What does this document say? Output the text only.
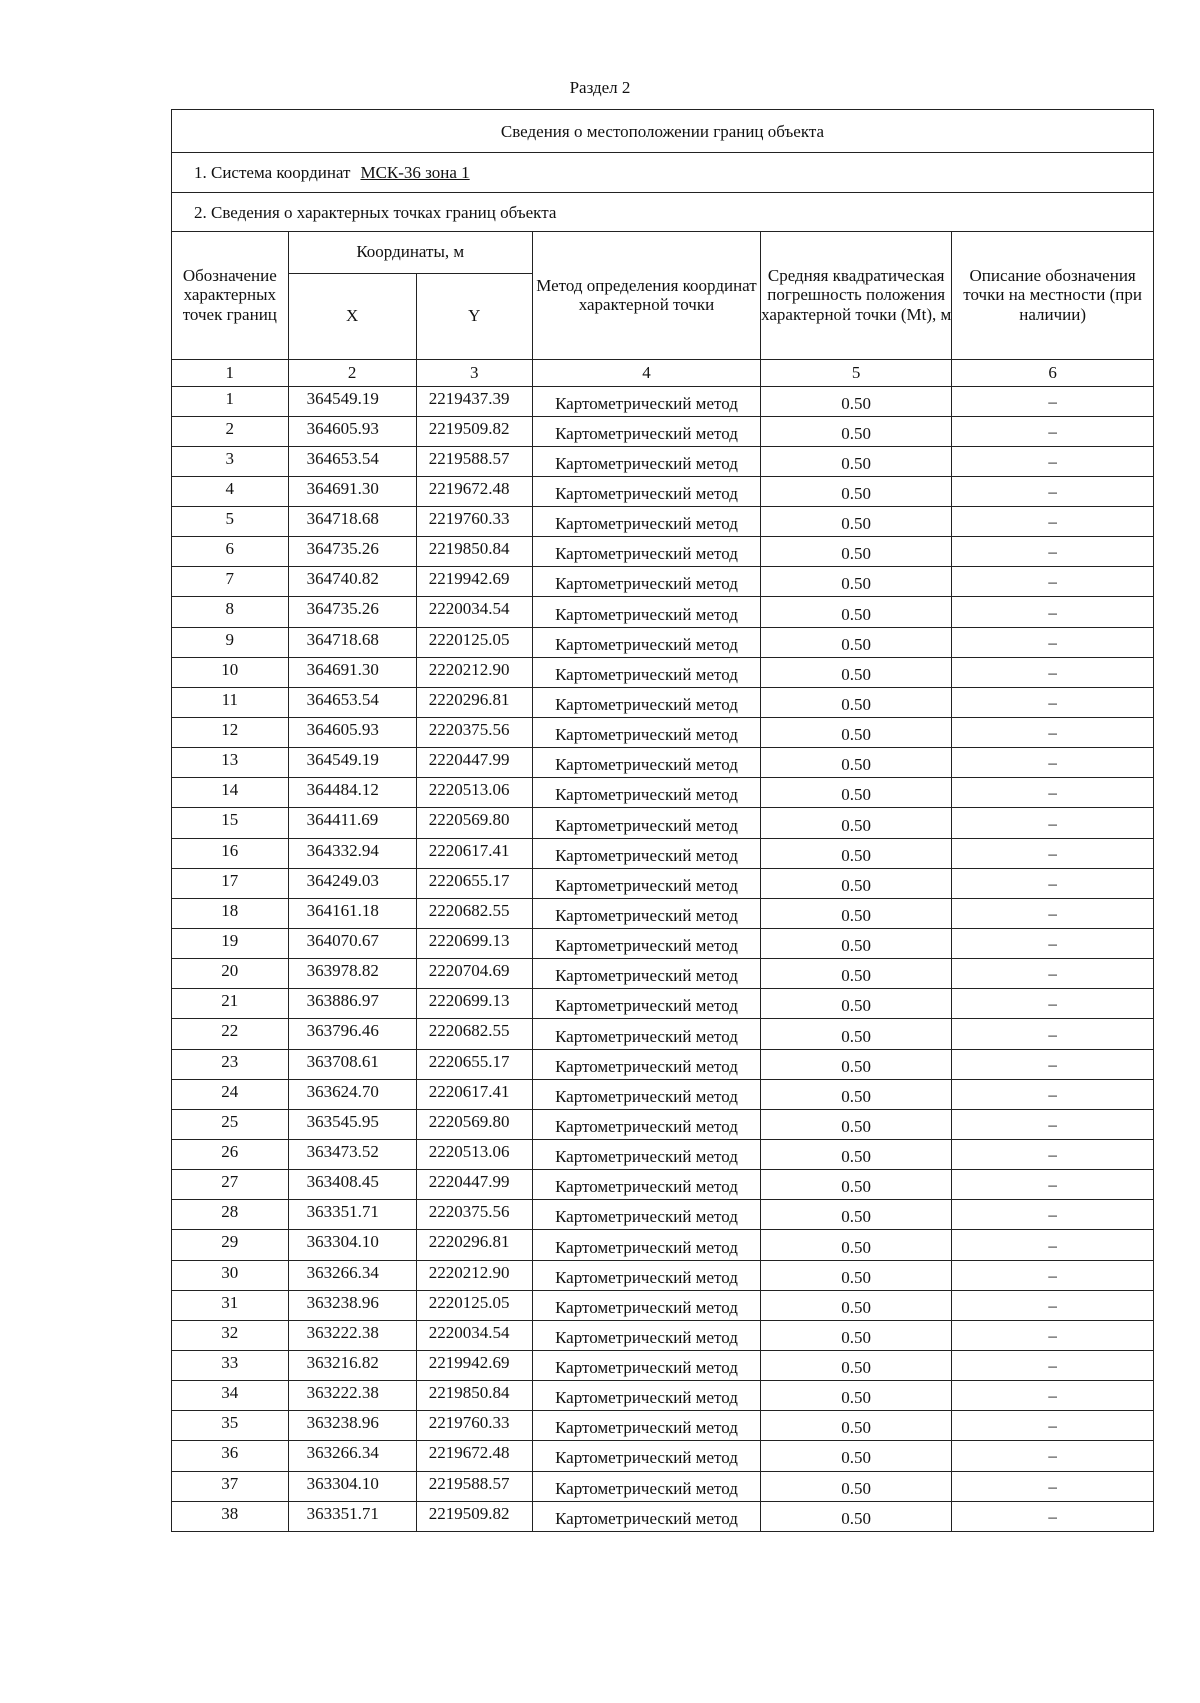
Раздел 2
Сведения о местоположении границ объекта
1. Система координат МСК-36 зона 1
2. Сведения о характерных точках границ объекта
Обозначение характерных точек границ	Координаты, м		Метод определения координат характерной точки	Средняя квадратическая погрешность положения характерной точки (Mt), м	Описание обозначения точки на местности (при наличии)
	X	Y			
1	2	3	4	5	6
1	364549.19	2219437.39	Картометрический метод	0.50	–
2	364605.93	2219509.82	Картометрический метод	0.50	–
3	364653.54	2219588.57	Картометрический метод	0.50	–
4	364691.30	2219672.48	Картометрический метод	0.50	–
5	364718.68	2219760.33	Картометрический метод	0.50	–
6	364735.26	2219850.84	Картометрический метод	0.50	–
7	364740.82	2219942.69	Картометрический метод	0.50	–
8	364735.26	2220034.54	Картометрический метод	0.50	–
9	364718.68	2220125.05	Картометрический метод	0.50	–
10	364691.30	2220212.90	Картометрический метод	0.50	–
11	364653.54	2220296.81	Картометрический метод	0.50	–
12	364605.93	2220375.56	Картометрический метод	0.50	–
13	364549.19	2220447.99	Картометрический метод	0.50	–
14	364484.12	2220513.06	Картометрический метод	0.50	–
15	364411.69	2220569.80	Картометрический метод	0.50	–
16	364332.94	2220617.41	Картометрический метод	0.50	–
17	364249.03	2220655.17	Картометрический метод	0.50	–
18	364161.18	2220682.55	Картометрический метод	0.50	–
19	364070.67	2220699.13	Картометрический метод	0.50	–
20	363978.82	2220704.69	Картометрический метод	0.50	–
21	363886.97	2220699.13	Картометрический метод	0.50	–
22	363796.46	2220682.55	Картометрический метод	0.50	–
23	363708.61	2220655.17	Картометрический метод	0.50	–
24	363624.70	2220617.41	Картометрический метод	0.50	–
25	363545.95	2220569.80	Картометрический метод	0.50	–
26	363473.52	2220513.06	Картометрический метод	0.50	–
27	363408.45	2220447.99	Картометрический метод	0.50	–
28	363351.71	2220375.56	Картометрический метод	0.50	–
29	363304.10	2220296.81	Картометрический метод	0.50	–
30	363266.34	2220212.90	Картометрический метод	0.50	–
31	363238.96	2220125.05	Картометрический метод	0.50	–
32	363222.38	2220034.54	Картометрический метод	0.50	–
33	363216.82	2219942.69	Картометрический метод	0.50	–
34	363222.38	2219850.84	Картометрический метод	0.50	–
35	363238.96	2219760.33	Картометрический метод	0.50	–
36	363266.34	2219672.48	Картометрический метод	0.50	–
37	363304.10	2219588.57	Картометрический метод	0.50	–
38	363351.71	2219509.82	Картометрический метод	0.50	–
